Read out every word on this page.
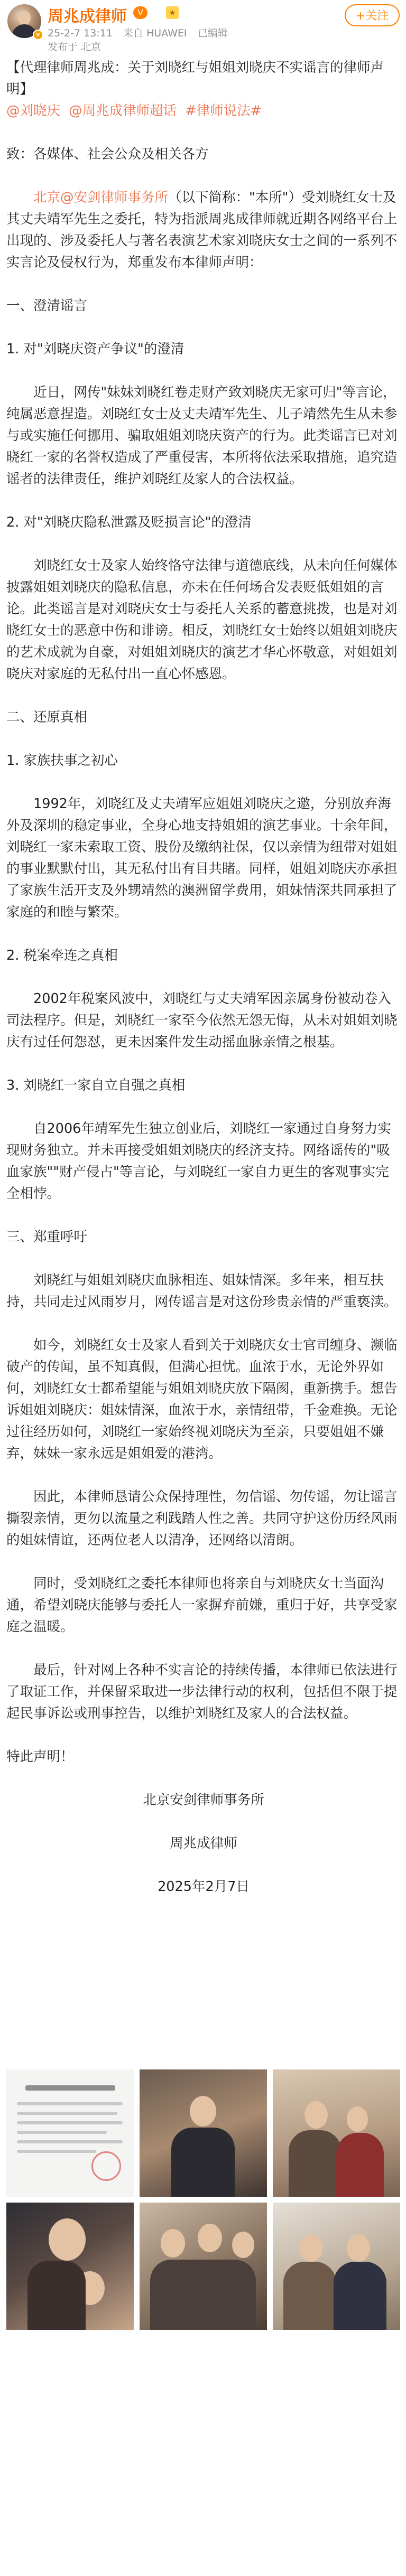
v
周兆成律师	V	★
25-2-7 13:11 来自 HUAWEI 已编辑
发布于 北京
+关注

【代理律师周兆成：关于刘晓红与姐姐刘晓庆不实谣言的律师声明】

@刘晓庆 @周兆成律师超话 #律师说法#

致：各媒体、社会公众及相关各方

北京@安剑律师事务所（以下简称："本所"）受刘晓红女士及其丈夫靖军先生之委托，特为指派周兆成律师就近期各网络平台上出现的、涉及委托人与著名表演艺术家刘晓庆女士之间的一系列不实言论及侵权行为，郑重发布本律师声明：

一、澄清谣言

1. 对"刘晓庆资产争议"的澄清

近日，网传"妹妹刘晓红卷走财产致刘晓庆无家可归"等言论，纯属恶意捏造。刘晓红女士及丈夫靖军先生、儿子靖然先生从未参与或实施任何挪用、骗取姐姐刘晓庆资产的行为。此类谣言已对刘晓红一家的名誉权造成了严重侵害，本所将依法采取措施，追究造谣者的法律责任，维护刘晓红及家人的合法权益。

2. 对"刘晓庆隐私泄露及贬损言论"的澄清

刘晓红女士及家人始终恪守法律与道德底线，从未向任何媒体披露姐姐刘晓庆的隐私信息，亦未在任何场合发表贬低姐姐的言论。此类谣言是对刘晓庆女士与委托人关系的蓄意挑拨，也是对刘晓红女士的恶意中伤和诽谤。相反，刘晓红女士始终以姐姐刘晓庆的艺术成就为自豪，对姐姐刘晓庆的演艺才华心怀敬意，对姐姐刘晓庆对家庭的无私付出一直心怀感恩。

二、还原真相

1. 家族扶事之初心

1992年，刘晓红及丈夫靖军应姐姐刘晓庆之邀，分别放弃海外及深圳的稳定事业，全身心地支持姐姐的演艺事业。十余年间，刘晓红一家未索取工资、股份及缴纳社保，仅以亲情为纽带对姐姐的事业默默付出，其无私付出有目共睹。同样，姐姐刘晓庆亦承担了家族生活开支及外甥靖然的澳洲留学费用，姐妹情深共同承担了家庭的和睦与繁荣。

2. 税案牵连之真相

2002年税案风波中，刘晓红与丈夫靖军因亲属身份被动卷入司法程序。但是，刘晓红一家至今依然无怨无悔，从未对姐姐刘晓庆有过任何怨怼，更未因案件发生动摇血脉亲情之根基。

3. 刘晓红一家自立自强之真相

自2006年靖军先生独立创业后，刘晓红一家通过自身努力实现财务独立。并未再接受姐姐刘晓庆的经济支持。网络谣传的"吸血家族""财产侵占"等言论，与刘晓红一家自力更生的客观事实完全相悖。

三、郑重呼吁

刘晓红与姐姐刘晓庆血脉相连、姐妹情深。多年来，相互扶持，共同走过风雨岁月，网传谣言是对这份珍贵亲情的严重亵渎。

如今，刘晓红女士及家人看到关于刘晓庆女士官司缠身、濒临破产的传闻，虽不知真假，但满心担忧。血浓于水，无论外界如何，刘晓红女士都希望能与姐姐刘晓庆放下隔阂，重新携手。想告诉姐姐刘晓庆：姐妹情深，血浓于水，亲情纽带，千金难换。无论过往经历如何，刘晓红一家始终视刘晓庆为至亲，只要姐姐不嫌弃，妹妹一家永远是姐姐爱的港湾。

因此，本律师恳请公众保持理性，勿信谣、勿传谣，勿让谣言撕裂亲情，更勿以流量之利践踏人性之善。共同守护这份历经风雨的姐妹情谊，还两位老人以清净，还网络以清朗。

同时，受刘晓红之委托本律师也将亲自与刘晓庆女士当面沟通，希望刘晓庆能够与委托人一家摒弃前嫌，重归于好，共享受家庭之温暖。

最后，针对网上各种不实言论的持续传播，本律师已依法进行了取证工作，并保留采取进一步法律行动的权利，包括但不限于提起民事诉讼或刑事控告，以维护刘晓红及家人的合法权益。

特此声明！

北京安剑律师事务所

周兆成律师

2025年2月7日
